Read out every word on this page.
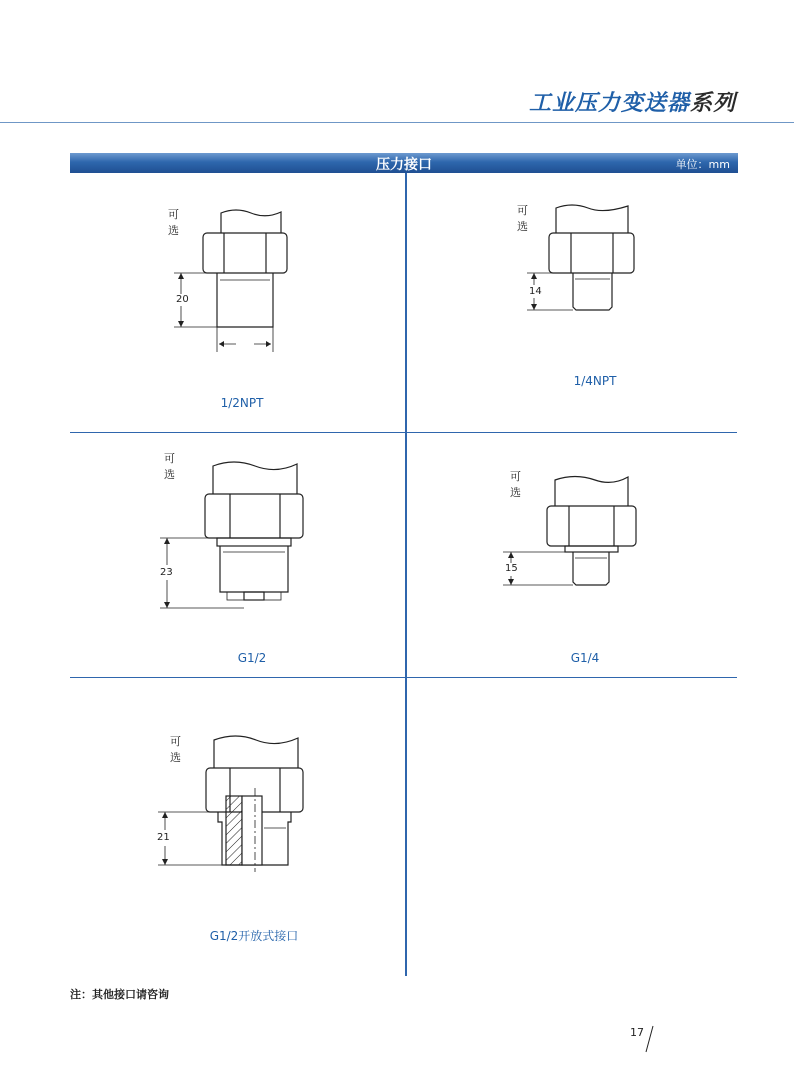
工业压力变送器系列
压力接口	单位：mm
可选
20
1/2NPT
可选
14
1/4NPT
可选
23
G1/2
可选
15
G1/4
可选
21
G1/2开放式接口
注：其他接口请咨询
17
